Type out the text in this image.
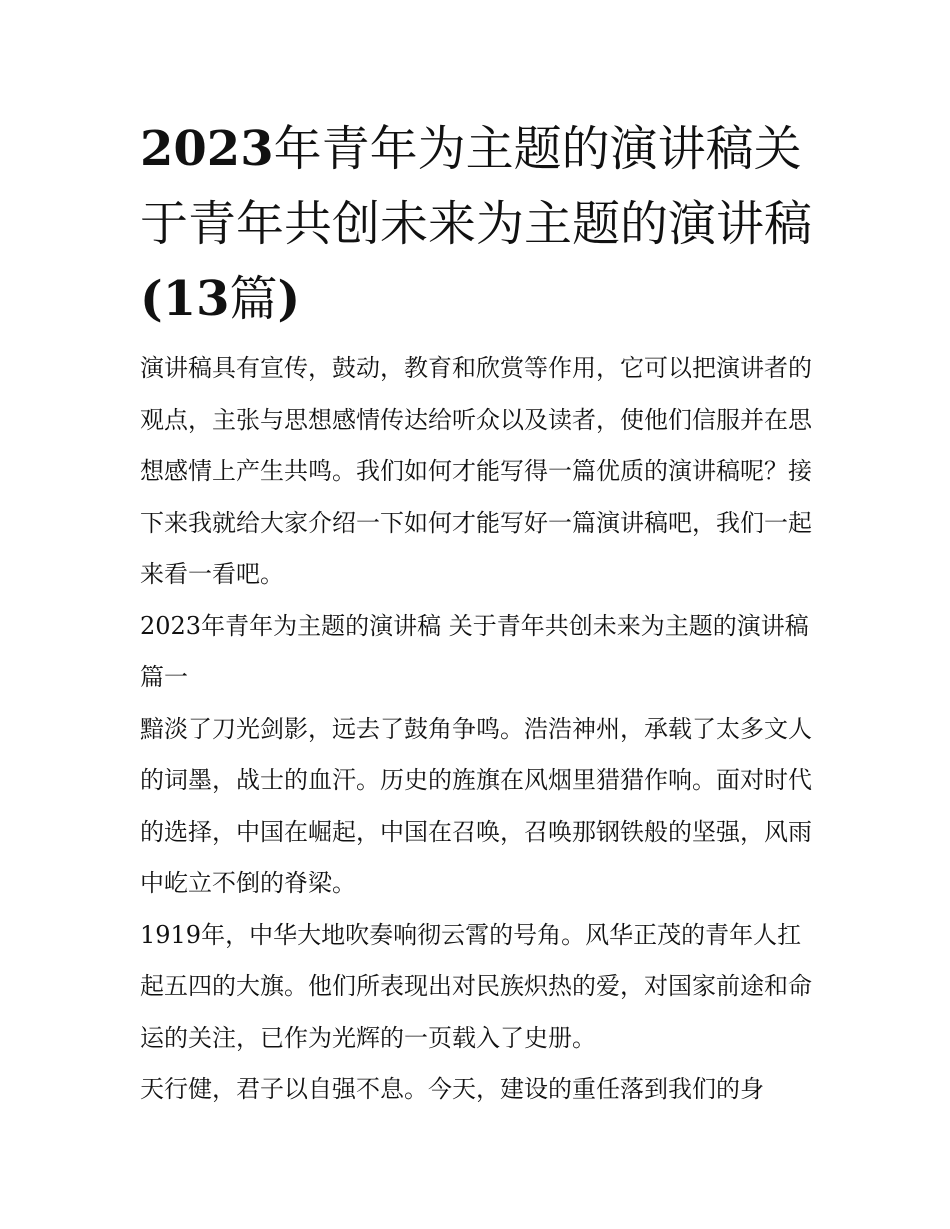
2023年青年为主题的演讲稿关于青年共创未来为主题的演讲稿(13篇)

演讲稿具有宣传，鼓动，教育和欣赏等作用，它可以把演讲者的观点，主张与思想感情传达给听众以及读者，使他们信服并在思想感情上产生共鸣。我们如何才能写得一篇优质的演讲稿呢？接下来我就给大家介绍一下如何才能写好一篇演讲稿吧，我们一起来看一看吧。

2023年青年为主题的演讲稿 关于青年共创未来为主题的演讲稿篇一

黯淡了刀光剑影，远去了鼓角争鸣。浩浩神州，承载了太多文人的词墨，战士的血汗。历史的旌旗在风烟里猎猎作响。面对时代的选择，中国在崛起，中国在召唤，召唤那钢铁般的坚强，风雨中屹立不倒的脊梁。

1919年，中华大地吹奏响彻云霄的号角。风华正茂的青年人扛起五四的大旗。他们所表现出对民族炽热的爱，对国家前途和命运的关注，已作为光辉的一页载入了史册。

天行健，君子以自强不息。今天，建设的重任落到我们的身
